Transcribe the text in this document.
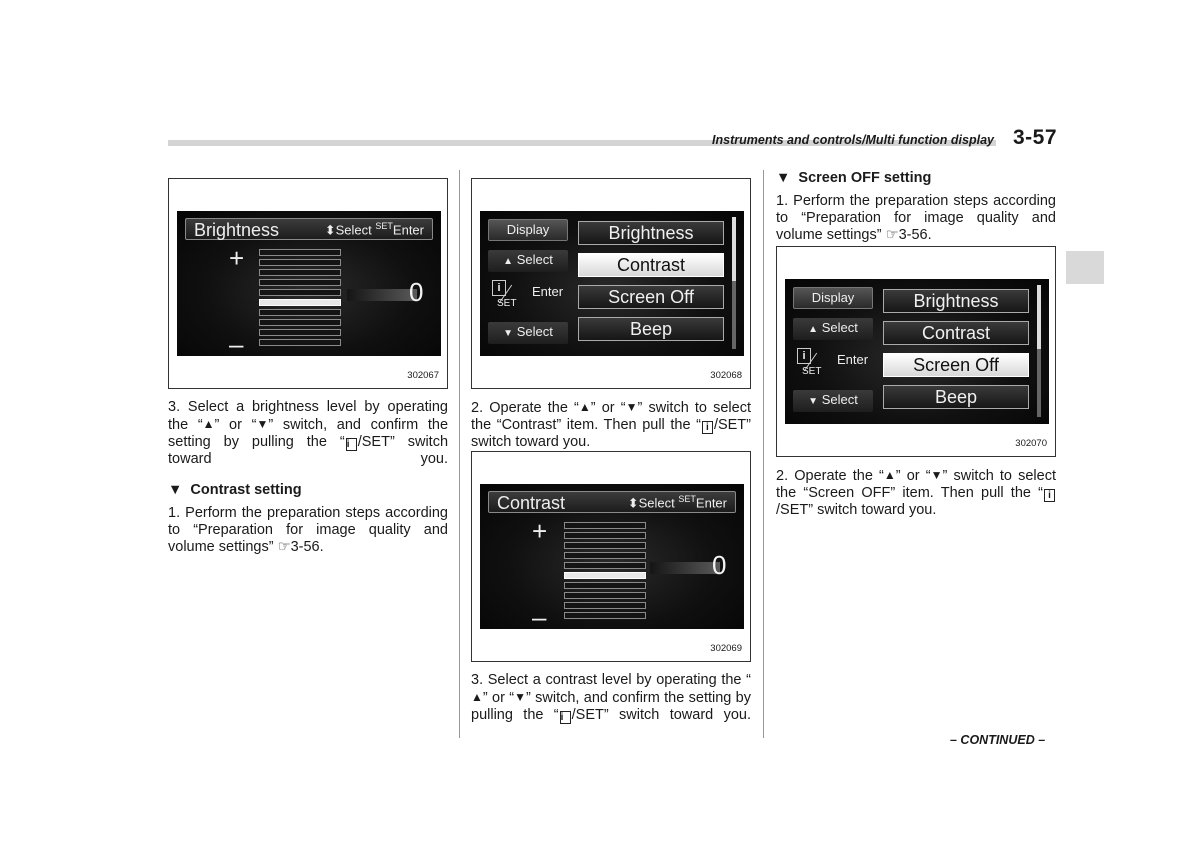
Instruments and controls/Multi function display 3-57
Brightness	⬍Select $^{SET}$Enter
+
–
0
302067

3. Select a brightness level by operating the “▲” or “▼” switch, and confirm the setting by pulling the “ i /SET” switch toward you.

▼ Contrast setting

1. Perform the preparation steps according to “Preparation for image quality and volume settings” ☞3-56.

Display
▲ Select
i
SET
Enter
▼ Select
Brightness
Contrast
Screen Off
Beep
302068

2. Operate the “▲” or “▼” switch to select the “Contrast” item. Then pull the “ i /SET” switch toward you.

Contrast	⬍Select $^{SET}$Enter
+
–
0
302069

3. Select a contrast level by operating the “▲” or “▼” switch, and confirm the setting by pulling the “ i /SET” switch toward you.

▼ Screen OFF setting

1. Perform the preparation steps according to “Preparation for image quality and volume settings” ☞3-56.

Display
▲ Select
i
SET
Enter
▼ Select
Brightness
Contrast
Screen Off
Beep
302070

2. Operate the “▲” or “▼” switch to select the “Screen OFF” item. Then pull the “ i/SET” switch toward you.

– CONTINUED –
